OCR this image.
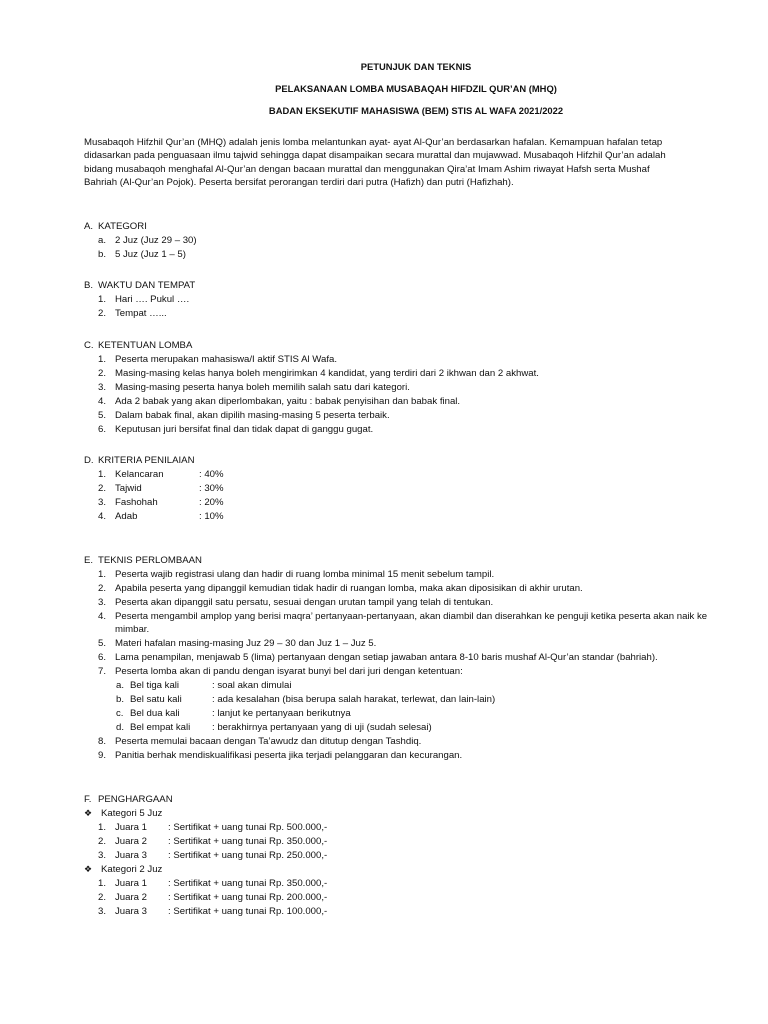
PETUNJUK DAN TEKNIS
PELAKSANAAN LOMBA MUSABAQAH HIFDZIL QUR’AN (MHQ)
BADAN EKSEKUTIF MAHASISWA (BEM) STIS AL WAFA 2021/2022

Musabaqoh Hifzhil Qur’an (MHQ) adalah jenis lomba melantunkan ayat- ayat Al-Qur’an berdasarkan hafalan. Kemampuan hafalan tetap

didasarkan pada penguasaan ilmu tajwid sehingga dapat disampaikan secara murattal dan mujawwad. Musabaqoh Hifzhil Qur’an adalah

bidang musabaqoh menghafal Al-Qur’an dengan bacaan murattal dan menggunakan Qira’at Imam Ashim riwayat Hafsh serta Mushaf

Bahriah (Al-Qur’an Pojok). Peserta bersifat perorangan terdiri dari putra (Hafizh) dan putri (Hafizhah).

A. KATEGORI
a. 2 Juz (Juz 29 – 30)
b. 5 Juz (Juz 1 – 5)
B. WAKTU DAN TEMPAT
1. Hari …. Pukul ….
2. Tempat …...
C. KETENTUAN LOMBA
1. Peserta merupakan mahasiswa/I aktif STIS Al Wafa.
2. Masing-masing kelas hanya boleh mengirimkan 4 kandidat, yang terdiri dari 2 ikhwan dan 2 akhwat.
3. Masing-masing peserta hanya boleh memilih salah satu dari kategori.
4. Ada 2 babak yang akan diperlombakan, yaitu : babak penyisihan dan babak final.
5. Dalam babak final, akan dipilih masing-masing 5 peserta terbaik.
6. Keputusan juri bersifat final dan tidak dapat di ganggu gugat.
D. KRITERIA PENILAIAN
1. Kelancaran	: 40%
2. Tajwid	: 30%
3. Fashohah	: 20%
4. Adab	: 10%
E. TEKNIS PERLOMBAAN
1. Peserta wajib registrasi ulang dan hadir di ruang lomba minimal 15 menit sebelum tampil.
2. Apabila peserta yang dipanggil kemudian tidak hadir di ruangan lomba, maka akan diposisikan di akhir urutan.
3. Peserta akan dipanggil satu persatu, sesuai dengan urutan tampil yang telah di tentukan.
4. Peserta mengambil amplop yang berisi maqra’ pertanyaan-pertanyaan, akan diambil dan diserahkan ke penguji ketika peserta akan naik ke mimbar.
5. Materi hafalan masing-masing Juz 29 – 30 dan Juz 1 – Juz 5.
6. Lama penampilan, menjawab 5 (lima) pertanyaan dengan setiap jawaban antara 8-10 baris mushaf Al-Qur’an standar (bahriah).
7. Peserta lomba akan di pandu dengan isyarat bunyi bel dari juri dengan ketentuan:
a. Bel tiga kali	: soal akan dimulai
b. Bel satu kali	: ada kesalahan (bisa berupa salah harakat, terlewat, dan lain-lain)
c. Bel dua kali	: lanjut ke pertanyaan berikutnya
d. Bel empat kali : berakhirnya pertanyaan yang di uji (sudah selesai)
8. Peserta memulai bacaan dengan Ta’awudz dan ditutup dengan Tashdiq.
9. Panitia berhak mendiskualifikasi peserta jika terjadi pelanggaran dan kecurangan.
F. PENGHARGAAN
❖ Kategori 5 Juz
1. Juara 1 : Sertifikat + uang tunai Rp. 500.000,-
2. Juara 2 : Sertifikat + uang tunai Rp. 350.000,-
3. Juara 3 : Sertifikat + uang tunai Rp. 250.000,-
❖ Kategori 2 Juz
1. Juara 1 : Sertifikat + uang tunai Rp. 350.000,-
2. Juara 2 : Sertifikat + uang tunai Rp. 200.000,-
3. Juara 3 : Sertifikat + uang tunai Rp. 100.000,-
